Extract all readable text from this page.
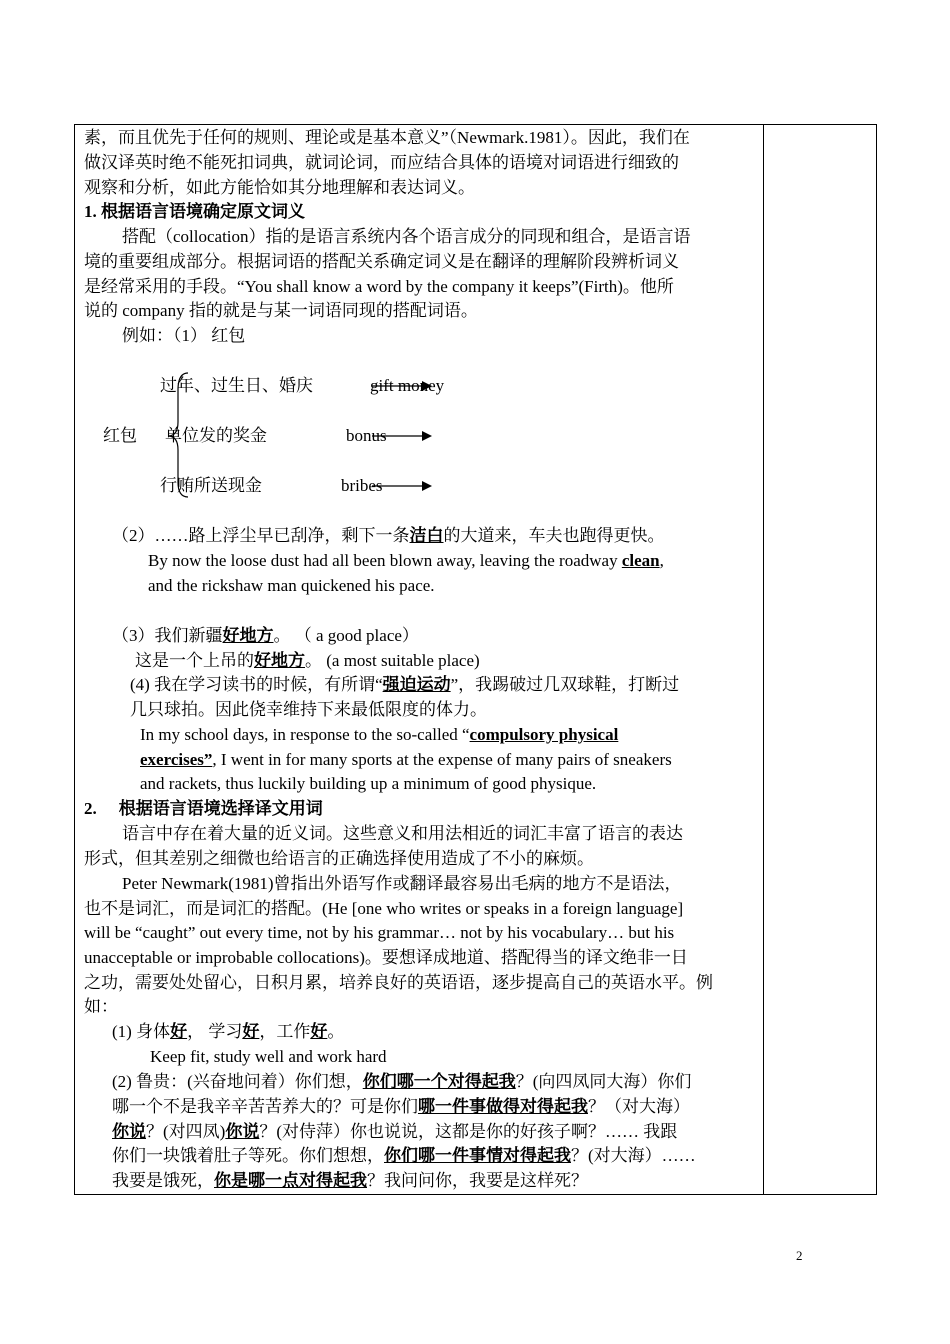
素，而且优先于任何的规则、理论或是基本意义”（Newmark.1981）。因此，我们在
做汉译英时绝不能死扣词典，就词论词，而应结合具体的语境对词语进行细致的
观察和分析，如此方能恰如其分地理解和表达词义。
1. 根据语言语境确定原文词义
搭配（collocation）指的是语言系统内各个语言成分的同现和组合，是语言语
境的重要组成部分。根据词语的搭配关系确定词义是在翻译的理解阶段辨析词义
是经常采用的手段。“You shall know a word by the company it keeps”(Firth)。他所
说的 company 指的就是与某一词语同现的搭配词语。
例如：（1） 红包
红包
过年、过生日、婚庆	gift money
单位发的奖金	bonus
行贿所送现金	bribes
（2）……路上浮尘早已刮净，剩下一条洁白的大道来，车夫也跑得更快。
By now the loose dust had all been blown away, leaving the roadway clean,
and the rickshaw man quickened his pace.
（3）我们新疆好地方。 （ a good place）
这是一个上吊的好地方。 (a most suitable place)
(4) 我在学习读书的时候，有所谓“强迫运动”，我踢破过几双球鞋，打断过
几只球拍。因此侥幸维持下来最低限度的体力。
In my school days, in response to the so-called “compulsory physical
exercises”, I went in for many sports at the expense of many pairs of sneakers
and rackets, thus luckily building up a minimum of good physique.
2. 根据语言语境选择译文用词
语言中存在着大量的近义词。这些意义和用法相近的词汇丰富了语言的表达
形式，但其差别之细微也给语言的正确选择使用造成了不小的麻烦。
Peter Newmark(1981)曾指出外语写作或翻译最容易出毛病的地方不是语法，
也不是词汇，而是词汇的搭配。(He [one who writes or speaks in a foreign language]
will be “caught” out every time, not by his grammar… not by his vocabulary… but his
unacceptable or improbable collocations)。要想译成地道、搭配得当的译文绝非一日
之功，需要处处留心，日积月累，培养良好的英语语，逐步提高自己的英语水平。例
如：
(1) 身体好， 学习好，工作好。
Keep fit, study well and work hard
(2) 鲁贵：(兴奋地问着）你们想，你们哪一个对得起我？(向四凤同大海）你们
哪一个不是我辛辛苦苦养大的？可是你们哪一件事做得对得起我？（对大海）
你说？(对四凤)你说？(对侍萍）你也说说，这都是你的好孩子啊？…… 我跟
你们一块饿着肚子等死。你们想想，你们哪一件事情对得起我？(对大海）……
我要是饿死，你是哪一点对得起我？我问问你，我要是这样死？
2
